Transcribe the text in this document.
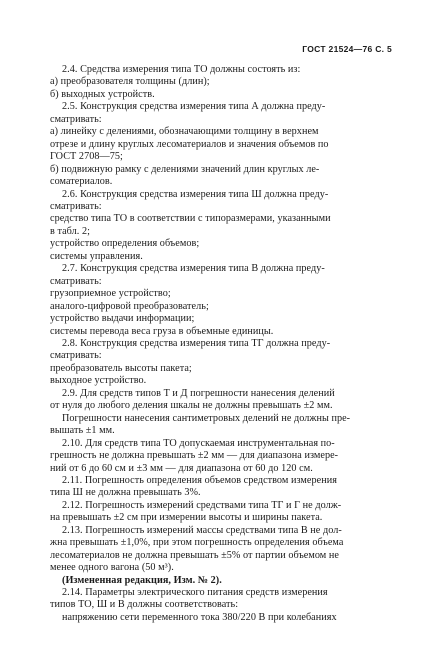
ГОСТ 21524—76 С. 5
2.4. Средства измерения типа ТО должны состоять из:
а) преобразователя толщины (длин);
б) выходных устройств.
2.5. Конструкция средства измерения типа А должна преду-
сматривать:
а) линейку с делениями, обозначающими толщину в верхнем
отрезе и длину круглых лесоматериалов и значения объемов по
ГОСТ 2708—75;
б) подвижную рамку с делениями значений длин круглых ле-
соматериалов.
2.6. Конструкция средства измерения типа Ш должна преду-
сматривать:
средство типа ТО в соответствии с типоразмерами, указанными
в табл. 2;
устройство определения объемов;
системы управления.
2.7. Конструкция средства измерения типа В должна преду-
сматривать:
грузоприемное устройство;
аналого-цифровой преобразователь;
устройство выдачи информации;
системы перевода веса груза в объемные единицы.
2.8. Конструкция средства измерения типа ТГ должна преду-
сматривать:
преобразователь высоты пакета;
выходное устройство.
2.9. Для средств типов Т и Д погрешности нанесения делений
от нуля до любого деления шкалы не должны превышать ±2 мм.
Погрешности нанесения сантиметровых делений не должны пре-
вышать ±1 мм.
2.10. Для средств типа ТО допускаемая инструментальная по-
грешность не должна превышать ±2 мм — для диапазона измере-
ний от 6 до 60 см и ±3 мм — для диапазона от 60 до 120 см.
2.11. Погрешность определения объемов средством измерения
типа Ш не должна превышать 3%.
2.12. Погрешность измерений средствами типа ТГ и Г не долж-
на превышать ±2 см при измерении высоты и ширины пакета.
2.13. Погрешность измерений массы средствами типа В не дол-
жна превышать ±1,0%, при этом погрешность определения объема
лесоматериалов не должна превышать ±5% от партии объемом не
менее одного вагона (50 м³).
(Измененная редакция, Изм. № 2).
2.14. Параметры электрического питания средств измерения
типов ТО, Ш и В должны соответствовать:
напряжению сети переменного тока 380/220 В при колебаниях
